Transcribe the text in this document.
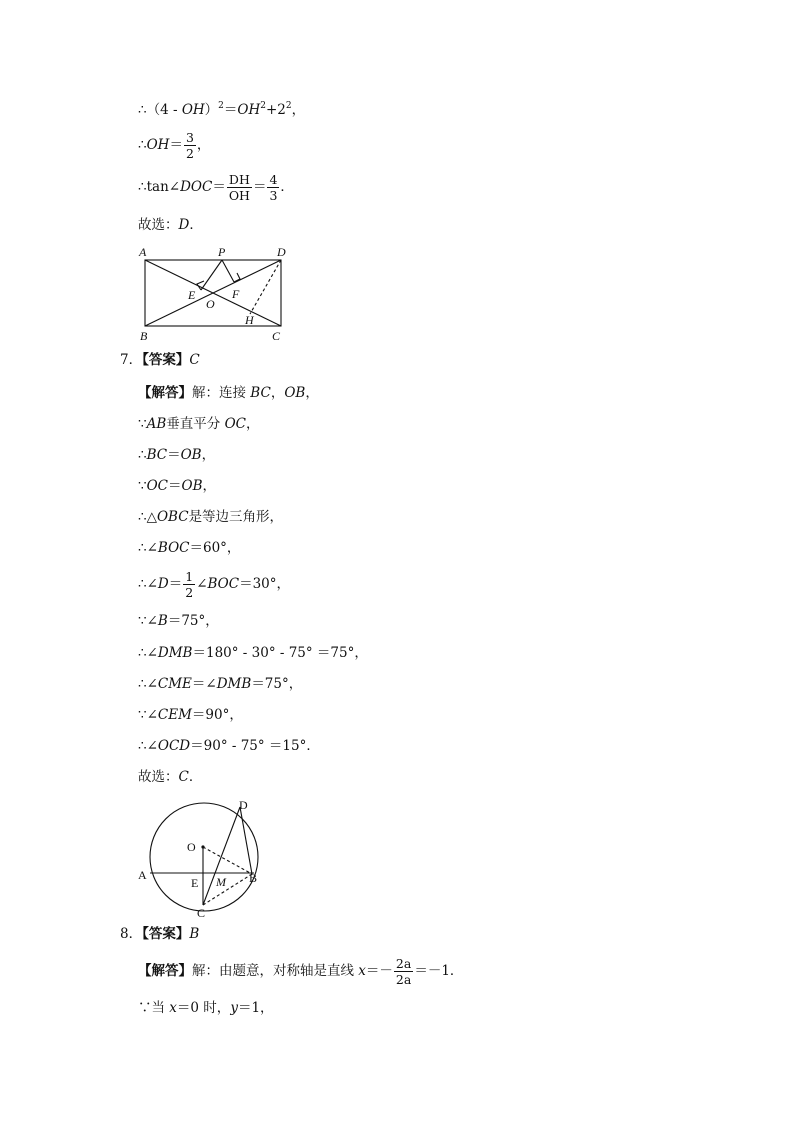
∴（4 - $OH)^2=OH^2+2^2$，
∴OH＝ $\frac{3}{2}$ ，
∴tan∠DOC＝ $\frac{DH}{OH} = \frac{4}{3}$ ．
故选：D．
A	P	D
E	F
O
H
B	C
7．【答案】C
【解答】解：连接 BC，OB，
∵AB垂直平分 OC，
∴BC＝OB，
∵OC＝OB，
∴△OBC是等边三角形，
∴∠BOC＝60°，
∴∠D＝ $\frac{1}{2}$ ∠BOC＝30°，
∵∠B＝75°，
∴∠DMB＝180° - 30° - 75° ＝75°，
∴∠CME＝∠DMB＝75°，
∵∠CEM＝90°，
∴∠OCD＝90° - 75° ＝15°．
故选：C．
D
O
A
E M B
C
8．【答案】B
【解答】解：由题意，对称轴是直线 $x=- \frac{2a}{2a} =-1$．
∵当 x＝0 时，y＝1，
